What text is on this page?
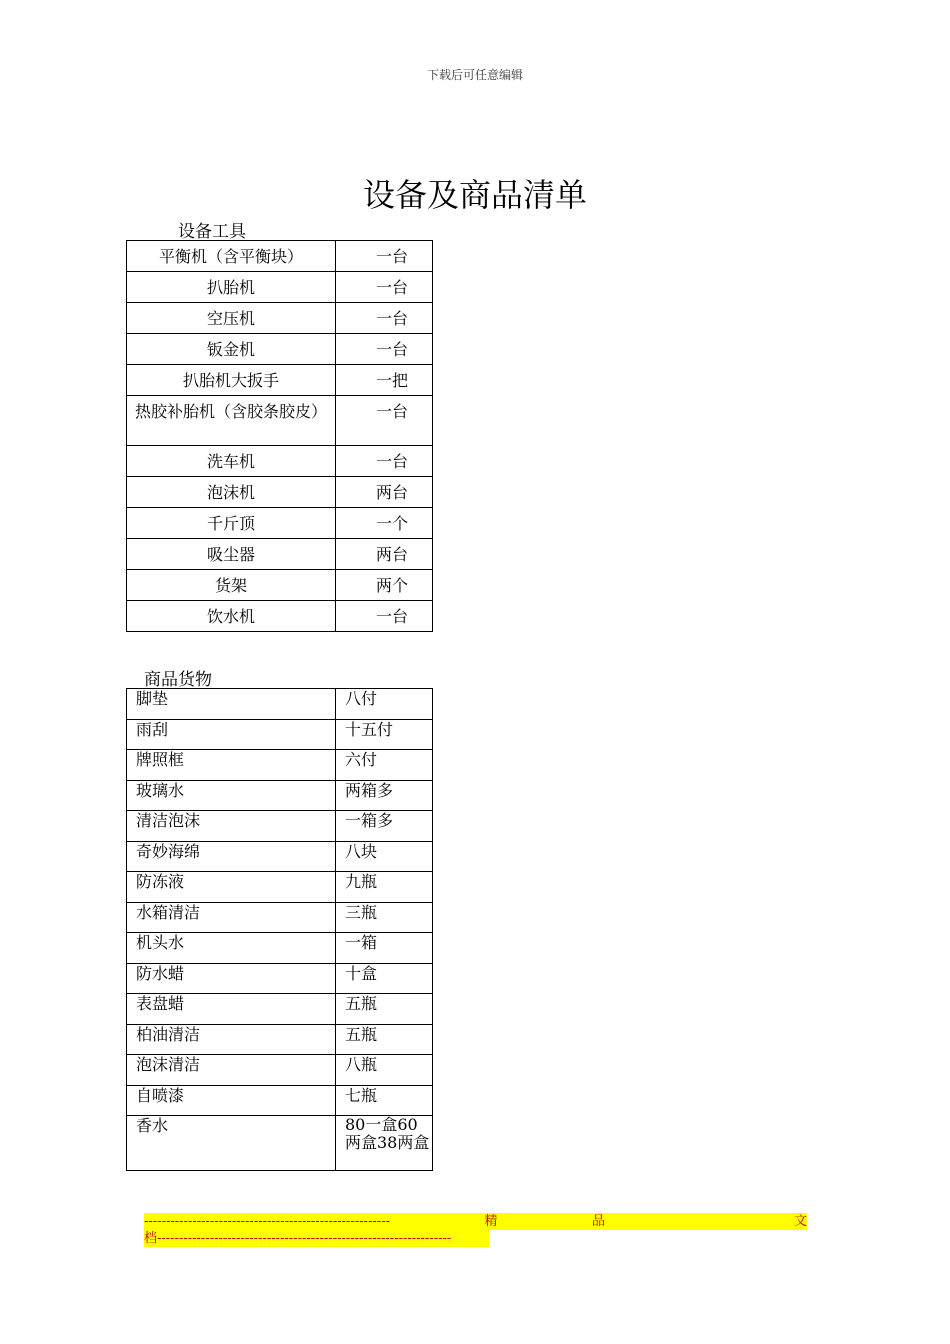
下载后可任意编辑
设备及商品清单
设备工具
平衡机（含平衡块）	一台
扒胎机	一台
空压机	一台
钣金机	一台
扒胎机大扳手	一把
热胶补胎机（含胶条胶皮）	一台
洗车机	一台
泡沫机	两台
千斤顶	一个
吸尘器	两台
货架	两个
饮水机	一台
商品货物
脚垫	八付
雨刮	十五付
牌照框	六付
玻璃水	两箱多
清洁泡沫	一箱多
奇妙海绵	八块
防冻液	九瓶
水箱清洁	三瓶
机头水	一箱
防水蜡	十盒
表盘蜡	五瓶
柏油清洁	五瓶
泡沫清洁	八瓶
自喷漆	七瓶
香水	80一盒60两盒38两盒
--------------------------------------------------------	精	品	文
档-------------------------------------------------------------------
